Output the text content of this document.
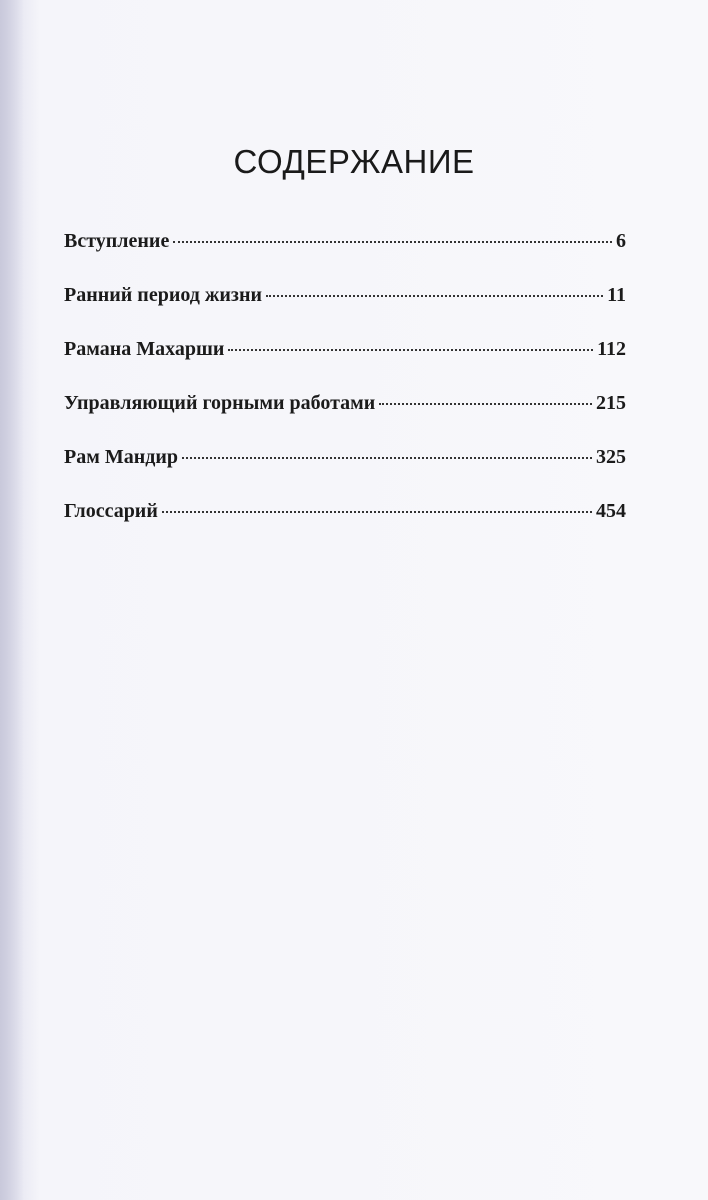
СОДЕРЖАНИЕ
Вступление	6
Ранний период жизни	11
Рамана Махарши	112
Управляющий горными работами	215
Рам Мандир	325
Глоссарий	454
